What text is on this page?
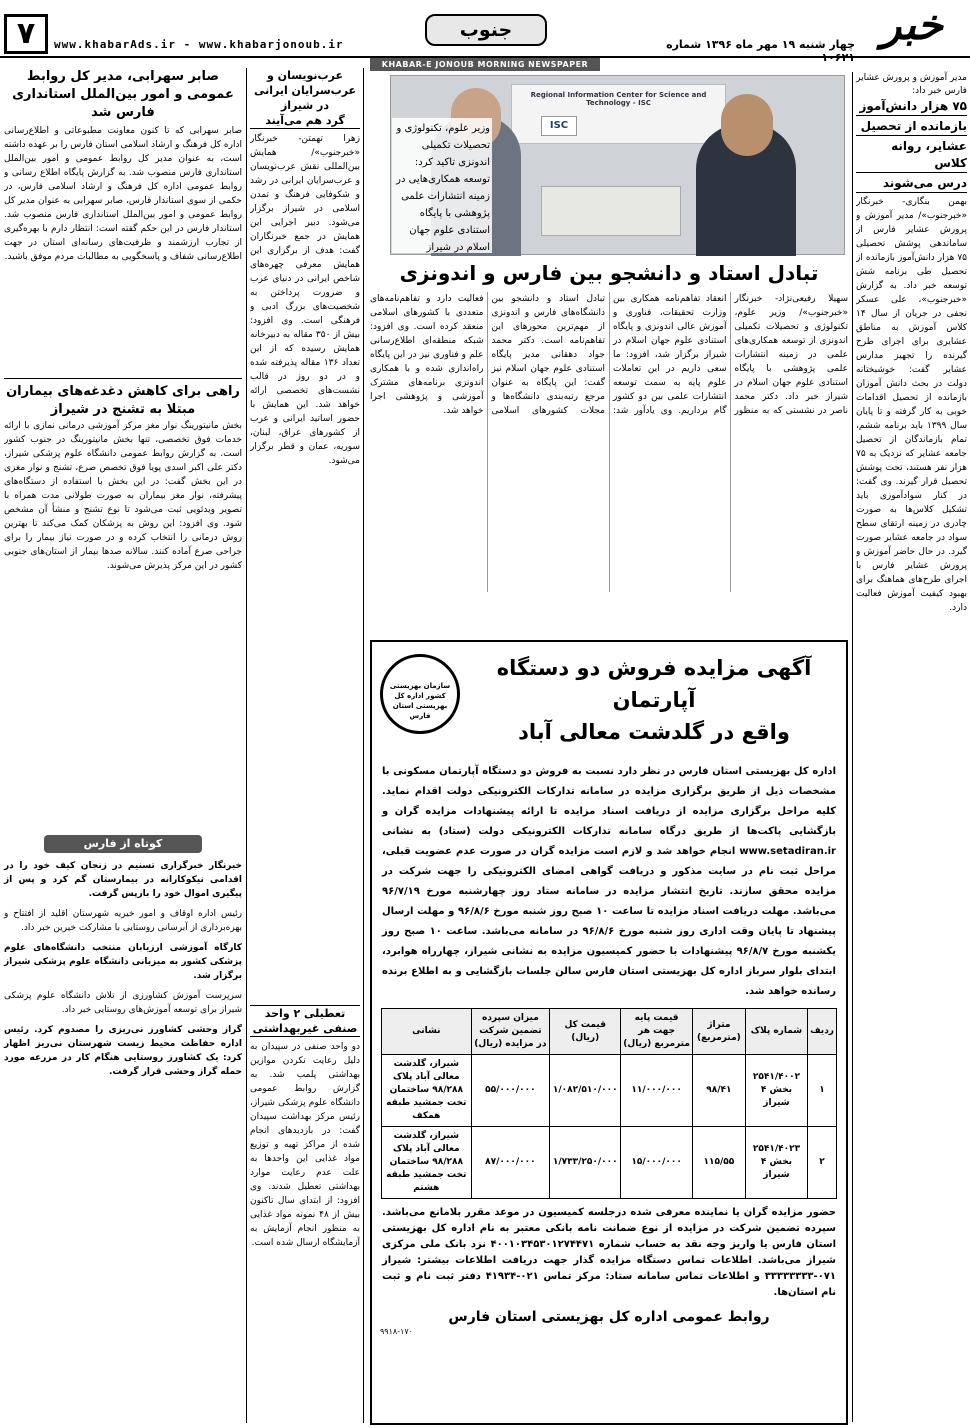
۷	www.khabarAds.ir - www.khabarjonoub.ir
جنوب
چهار شنبه ۱۹ مهر ماه ۱۳۹۶ شماره ۱۰۶۲۱
خبر
KHABAR-E JONOUB MORNING NEWSPAPER
مدیر آموزش و پرورش عشایر فارس خبر داد:
۷۵ هزار دانش‌آموز
بازمانده از تحصیل
عشایر، روانه کلاس
درس می‌شوند
بهمن بنگاری- خبرنگار «خبرجنوب»/ مدیر آموزش و پرورش عشایر فارس از ساماندهی پوشش تحصیلی ۷۵ هزار دانش‌آموز بازمانده از تحصیل طی برنامه شش توسعه خبر داد. به گزارش «خبرجنوب»، علی عسکر نجفی در جریان از سال ۱۴ کلاس آموزش به مناطق عشایری برای اجرای طرح گیرنده را تجهیز مدارس عشایر گفت: خوشبختانه دولت در بحث دانش آموزان بازمانده از تحصیل اقدامات خوبی به کار گرفته و تا پایان سال ۱۳۹۹ باید برنامه ششم، تمام بازماندگان از تحصیل جامعه عشایر که نزدیک به ۷۵ هزار نفر هستند، تحت پوشش تحصیل قرار گیرند. وی گفت: در کنار سوادآموزی باید تشکیل کلاس‌ها به صورت چادری در زمینه ارتقای سطح سواد در جامعه عشایر صورت گیرد. در حال حاضر آموزش و پرورش عشایر فارس با اجرای طرح‌های هماهنگ برای بهبود کیفیت آموزش فعالیت دارد.
Regional Information Center for Science and Technology - ISC
ISC
وزیر علوم، تکنولوژی و تحصیلات تکمیلی اندونزی تاکید کرد: توسعه همکاری‌هایی در زمینه انتشارات علمی پژوهشی با پایگاه استنادی علوم جهان اسلام در شیراز
تبادل استاد و دانشجو بین فارس و اندونزی
سهیلا رفیعی‌نژاد- خبرنگار «خبرجنوب»/ وزیر علوم، تکنولوژی و تحصیلات تکمیلی اندونزی از توسعه همکاری‌های علمی در زمینه انتشارات علمی پژوهشی با پایگاه استنادی علوم جهان اسلام در شیراز خبر داد. دکتر محمد ناصر در نشستی که به منظور انعقاد تفاهم‌نامه همکاری بین وزارت تحقیقات، فناوری و آموزش عالی اندونزی و پایگاه استنادی علوم جهان اسلام در شیراز برگزار شد، افزود: ما سعی داریم در این تعاملات علوم پایه به سمت توسعه انتشارات علمی بین دو کشور گام برداریم. وی یادآور شد: تبادل استاد و دانشجو بین دانشگاه‌های فارس و اندونزی از مهم‌ترین محورهای این تفاهم‌نامه است. دکتر محمد جواد دهقانی مدیر پایگاه استنادی علوم جهان اسلام نیز گفت: این پایگاه به عنوان مرجع رتبه‌بندی دانشگاه‌ها و مجلات کشورهای اسلامی فعالیت دارد و تفاهم‌نامه‌های متعددی با کشورهای اسلامی منعقد کرده است. وی افزود: شبکه منطقه‌ای اطلاع‌رسانی علم و فناوری نیز در این پایگاه راه‌اندازی شده و با همکاری اندونزی برنامه‌های مشترک آموزشی و پژوهشی اجرا خواهد شد.
سازمان بهزیستی کشور اداره کل بهزیستی استان فارس
آگهی مزایده فروش دو دستگاه آپارتمان
واقع در گلدشت معالی آباد
اداره کل بهزیستی استان فارس در نظر دارد نسبت به فروش دو دستگاه آپارتمان مسکونی با مشخصات ذیل از طریق برگزاری مزایده در سامانه تدارکات الکترونیکی دولت اقدام نماید. کلیه مراحل برگزاری مزایده از دریافت اسناد مزایده تا ارائه پیشنهادات مزایده گران و بازگشایی پاکت‌ها از طریق درگاه سامانه تدارکات الکترونیکی دولت (ستاد) به نشانی www.setadiran.ir انجام خواهد شد و لازم است مزایده گران در صورت عدم عضویت قبلی، مراحل ثبت نام در سایت مذکور و دریافت گواهی امضای الکترونیکی را جهت شرکت در مزایده محقق سازند. تاریخ انتشار مزایده در سامانه ستاد روز چهارشنبه مورخ ۹۶/۷/۱۹ می‌باشد. مهلت دریافت اسناد مزایده تا ساعت ۱۰ صبح روز شنبه مورخ ۹۶/۸/۶ و مهلت ارسال پیشنهاد تا پایان وقت اداری روز شنبه مورخ ۹۶/۸/۶ در سامانه می‌باشد. ساعت ۱۰ صبح روز یکشنبه مورخ ۹۶/۸/۷ پیشنهادات با حضور کمیسیون مزایده به نشانی شیراز، چهارراه هوابرد، ابتدای بلوار سرباز اداره کل بهزیستی استان فارس سالن جلسات بازگشایی و به اطلاع برنده رسانده خواهد شد.
ردیف	شماره پلاک	متراژ (مترمربع)	قیمت پایه جهت هر مترمربع (ریال)	قیمت کل (ریال)	میزان سپرده تضمین شرکت در مزایده (ریال)	نشانی
۱	۲۵۴۱/۴۰۰۲ بخش ۴ شیراز	۹۸/۴۱	۱۱/۰۰۰/۰۰۰	۱/۰۸۲/۵۱۰/۰۰۰	۵۵/۰۰۰/۰۰۰	شیراز، گلدشت معالی آباد پلاک ۹۸/۲۸۸ ساختمان تخت جمشید طبقه همکف
۲	۲۵۴۱/۴۰۲۳ بخش ۴ شیراز	۱۱۵/۵۵	۱۵/۰۰۰/۰۰۰	۱/۷۳۳/۲۵۰/۰۰۰	۸۷/۰۰۰/۰۰۰	شیراز، گلدشت معالی آباد پلاک ۹۸/۲۸۸ ساختمان تخت جمشید طبقه هشتم
حضور مزایده گران یا نماینده معرفی شده درجلسه کمیسیون در موعد مقرر بلامانع می‌باشد. سپرده تضمین شرکت در مزایده از نوع ضمانت نامه بانکی معتبر به نام اداره کل بهزیستی استان فارس یا واریز وجه نقد به حساب شماره ۴۰۰۱۰۳۴۵۳۰۱۲۷۴۴۷۱ نزد بانک ملی مرکزی شیراز می‌باشد. اطلاعات تماس دستگاه مزایده گذار جهت دریافت اطلاعات بیشتر: شیراز ۰۷۱-۳۳۳۳۳۳۳۳ و اطلاعات تماس سامانه ستاد: مرکز تماس ۰۲۱-۴۱۹۳۴ دفتر ثبت نام و ثبت نام استان‌ها.
روابط عمومی اداره کل بهزیستی استان فارس
۹۹۱۸-۱۷۰
عرب‌نویسان و عرب‌سرایان ایرانی در شیراز
گرد هم می‌آیند
زهرا تهمتن- خبرنگار «خبرجنوب»/ همایش بین‌المللی نقش عرب‌نویسان و عرب‌سرایان ایرانی در رشد و شکوفایی فرهنگ و تمدن اسلامی در شیراز برگزار می‌شود. دبیر اجرایی این همایش در جمع خبرنگاران گفت: هدف از برگزاری این همایش معرفی چهره‌های شاخص ایرانی در دنیای عرب و ضرورت پرداختن به شخصیت‌های بزرگ ادبی و فرهنگی است. وی افزود: بیش از ۳۵۰ مقاله به دبیرخانه همایش رسیده که از این تعداد ۱۳۶ مقاله پذیرفته شده و در دو روز در قالب نشست‌های تخصصی ارائه خواهد شد. این همایش با حضور اساتید ایرانی و عرب از کشورهای عراق، لبنان، سوریه، عمان و قطر برگزار می‌شود.
تعطیلی ۲ واحد صنفی غیربهداشتی
دو واحد صنفی در سپیدان به دلیل رعایت نکردن موازین بهداشتی پلمب شد. به گزارش روابط عمومی دانشگاه علوم پزشکی شیراز، رئیس مرکز بهداشت سپیدان گفت: در بازدیدهای انجام شده از مراکز تهیه و توزیع مواد غذایی این واحدها به علت عدم رعایت موارد بهداشتی تعطیل شدند. وی افزود: از ابتدای سال تاکنون بیش از ۴۸ نمونه مواد غذایی به منظور انجام آزمایش به آزمایشگاه ارسال شده است.
صابر سهرابی، مدیر کل روابط عمومی و امور بین‌الملل استانداری فارس شد
صابر سهرابی که تا کنون معاونت مطبوعاتی و اطلاع‌رسانی اداره کل فرهنگ و ارشاد اسلامی استان فارس را بر عهده داشته است، به عنوان مدیر کل روابط عمومی و امور بین‌الملل استانداری فارس منصوب شد. به گزارش پایگاه اطلاع رسانی و روابط عمومی اداره کل فرهنگ و ارشاد اسلامی فارس، در حکمی از سوی استاندار فارس، صابر سهرابی به عنوان مدیر کل روابط عمومی و امور بین‌الملل استانداری فارس منصوب شد. استاندار فارس در این حکم گفته است: انتظار دارم با بهره‌گیری از تجارب ارزشمند و ظرفیت‌های رسانه‌ای استان در جهت اطلاع‌رسانی شفاف و پاسخگویی به مطالبات مردم موفق باشید.
راهی برای کاهش دغدغه‌های بیماران مبتلا به تشنج در شیراز
بخش مانیتورینگ نوار مغز مرکز آموزشی درمانی نمازی با ارائه خدمات فوق تخصصی، تنها بخش مانیتورینگ در جنوب کشور است. به گزارش روابط عمومی دانشگاه علوم پزشکی شیراز، دکتر علی اکبر اسدی پویا فوق تخصص صرع، تشنج و نوار مغزی در این بخش گفت: در این بخش با استفاده از دستگاه‌های پیشرفته، نوار مغز بیماران به صورت طولانی مدت همراه با تصویر ویدئویی ثبت می‌شود تا نوع تشنج و منشأ آن مشخص شود. وی افزود: این روش به پزشکان کمک می‌کند تا بهترین روش درمانی را انتخاب کرده و در صورت نیاز بیمار را برای جراحی صرع آماده کنند. سالانه صدها بیمار از استان‌های جنوبی کشور در این مرکز پذیرش می‌شوند.
کوتاه از فارس
خبرنگار خبرگزاری تسنیم در زنجان کیف خود را در اقدامی نیکوکارانه در بیمارستان گم کرد و پس از پیگیری اموال خود را بازپس گرفت.
رئیس اداره اوقاف و امور خیریه شهرستان اقلید از افتتاح و بهره‌برداری از آبرسانی روستایی با مشارکت خیرین خبر داد.
کارگاه آموزشی ارزیابان منتخب دانشگاه‌های علوم پزشکی کشور به میزبانی دانشگاه علوم پزشکی شیراز برگزار شد.
سرپرست آموزش کشاورزی از تلاش دانشگاه علوم پزشکی شیراز برای توسعه آموزش‌های روستایی خبر داد.
گراز وحشی کشاورز نی‌ریزی را مصدوم کرد. رئیس اداره حفاظت محیط زیست شهرستان نی‌ریز اظهار کرد: یک کشاورز روستایی هنگام کار در مزرعه مورد حمله گراز وحشی قرار گرفت.
